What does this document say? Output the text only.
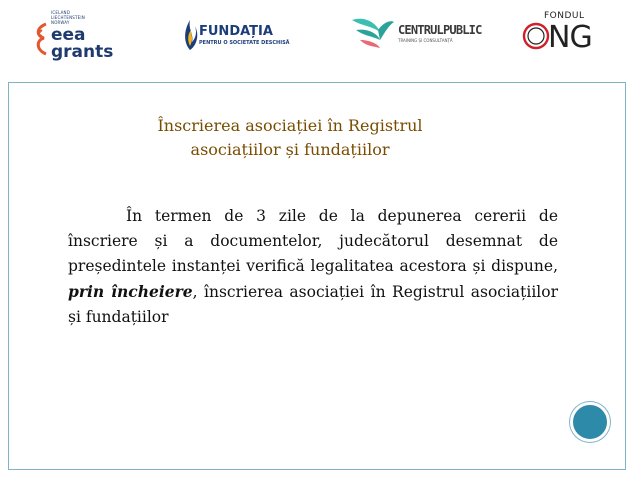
ICELAND
LIECHTENSTEIN
NORWAY
eea
grants
FUNDAȚIA
PENTRU O SOCIETATE DESCHISĂ
CENTRULPUBLIC
TRAINING ȘI CONSULTANȚĂ
FONDUL
NG
Înscrierea asociației în Registrul
asociațiilor și fundațiilor
În termen de 3 zile de la depunerea cererii de înscriere și a documentelor, judecătorul desemnat de președintele instanței verifică legalitatea acestora și dispune, prin încheiere, înscrierea asociației în Registrul asociațiilor și fundațiilor
